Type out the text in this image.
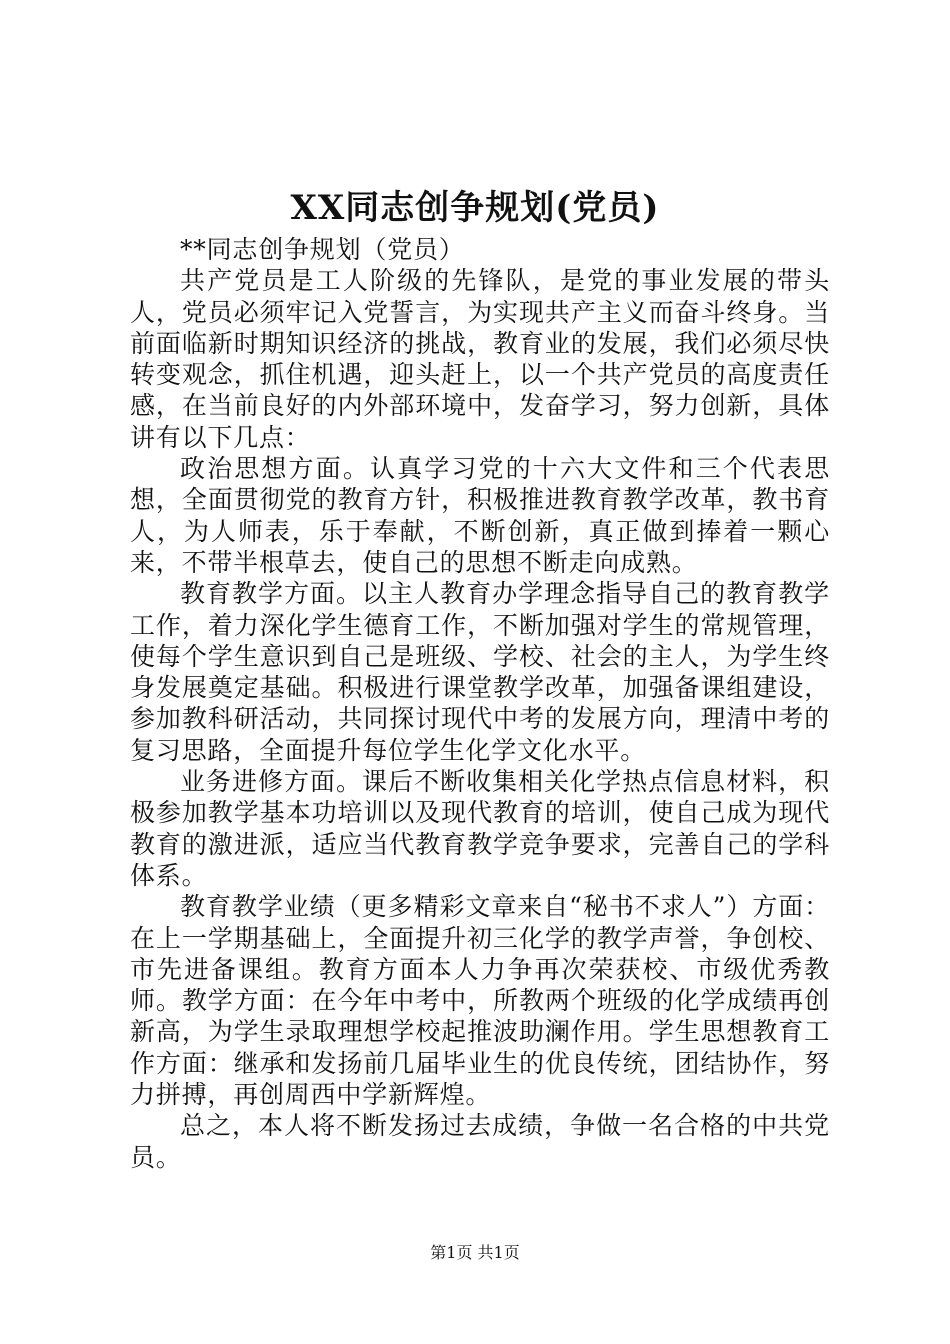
XX同志创争规划(党员)

**同志创争规划（党员）

共产党员是工人阶级的先锋队，是党的事业发展的带头人，党员必须牢记入党誓言，为实现共产主义而奋斗终身。当前面临新时期知识经济的挑战，教育业的发展，我们必须尽快转变观念，抓住机遇，迎头赶上，以一个共产党员的高度责任感，在当前良好的内外部环境中，发奋学习，努力创新，具体讲有以下几点：

政治思想方面。认真学习党的十六大文件和三个代表思想，全面贯彻党的教育方针，积极推进教育教学改革，教书育人，为人师表，乐于奉献，不断创新，真正做到捧着一颗心来，不带半根草去，使自己的思想不断走向成熟。

教育教学方面。以主人教育办学理念指导自己的教育教学工作，着力深化学生德育工作，不断加强对学生的常规管理，使每个学生意识到自己是班级、学校、社会的主人，为学生终身发展奠定基础。积极进行课堂教学改革，加强备课组建设，参加教科研活动，共同探讨现代中考的发展方向，理清中考的复习思路，全面提升每位学生化学文化水平。

业务进修方面。课后不断收集相关化学热点信息材料，积极参加教学基本功培训以及现代教育的培训，使自己成为现代教育的激进派，适应当代教育教学竞争要求，完善自己的学科体系。

教育教学业绩（更多精彩文章来自“秘书不求人”）方面：在上一学期基础上，全面提升初三化学的教学声誉，争创校、市先进备课组。教育方面本人力争再次荣获校、市级优秀教师。教学方面：在今年中考中，所教两个班级的化学成绩再创新高，为学生录取理想学校起推波助澜作用。学生思想教育工作方面：继承和发扬前几届毕业生的优良传统，团结协作，努力拼搏，再创周西中学新辉煌。

总之，本人将不断发扬过去成绩，争做一名合格的中共党员。

第1页 共1页
